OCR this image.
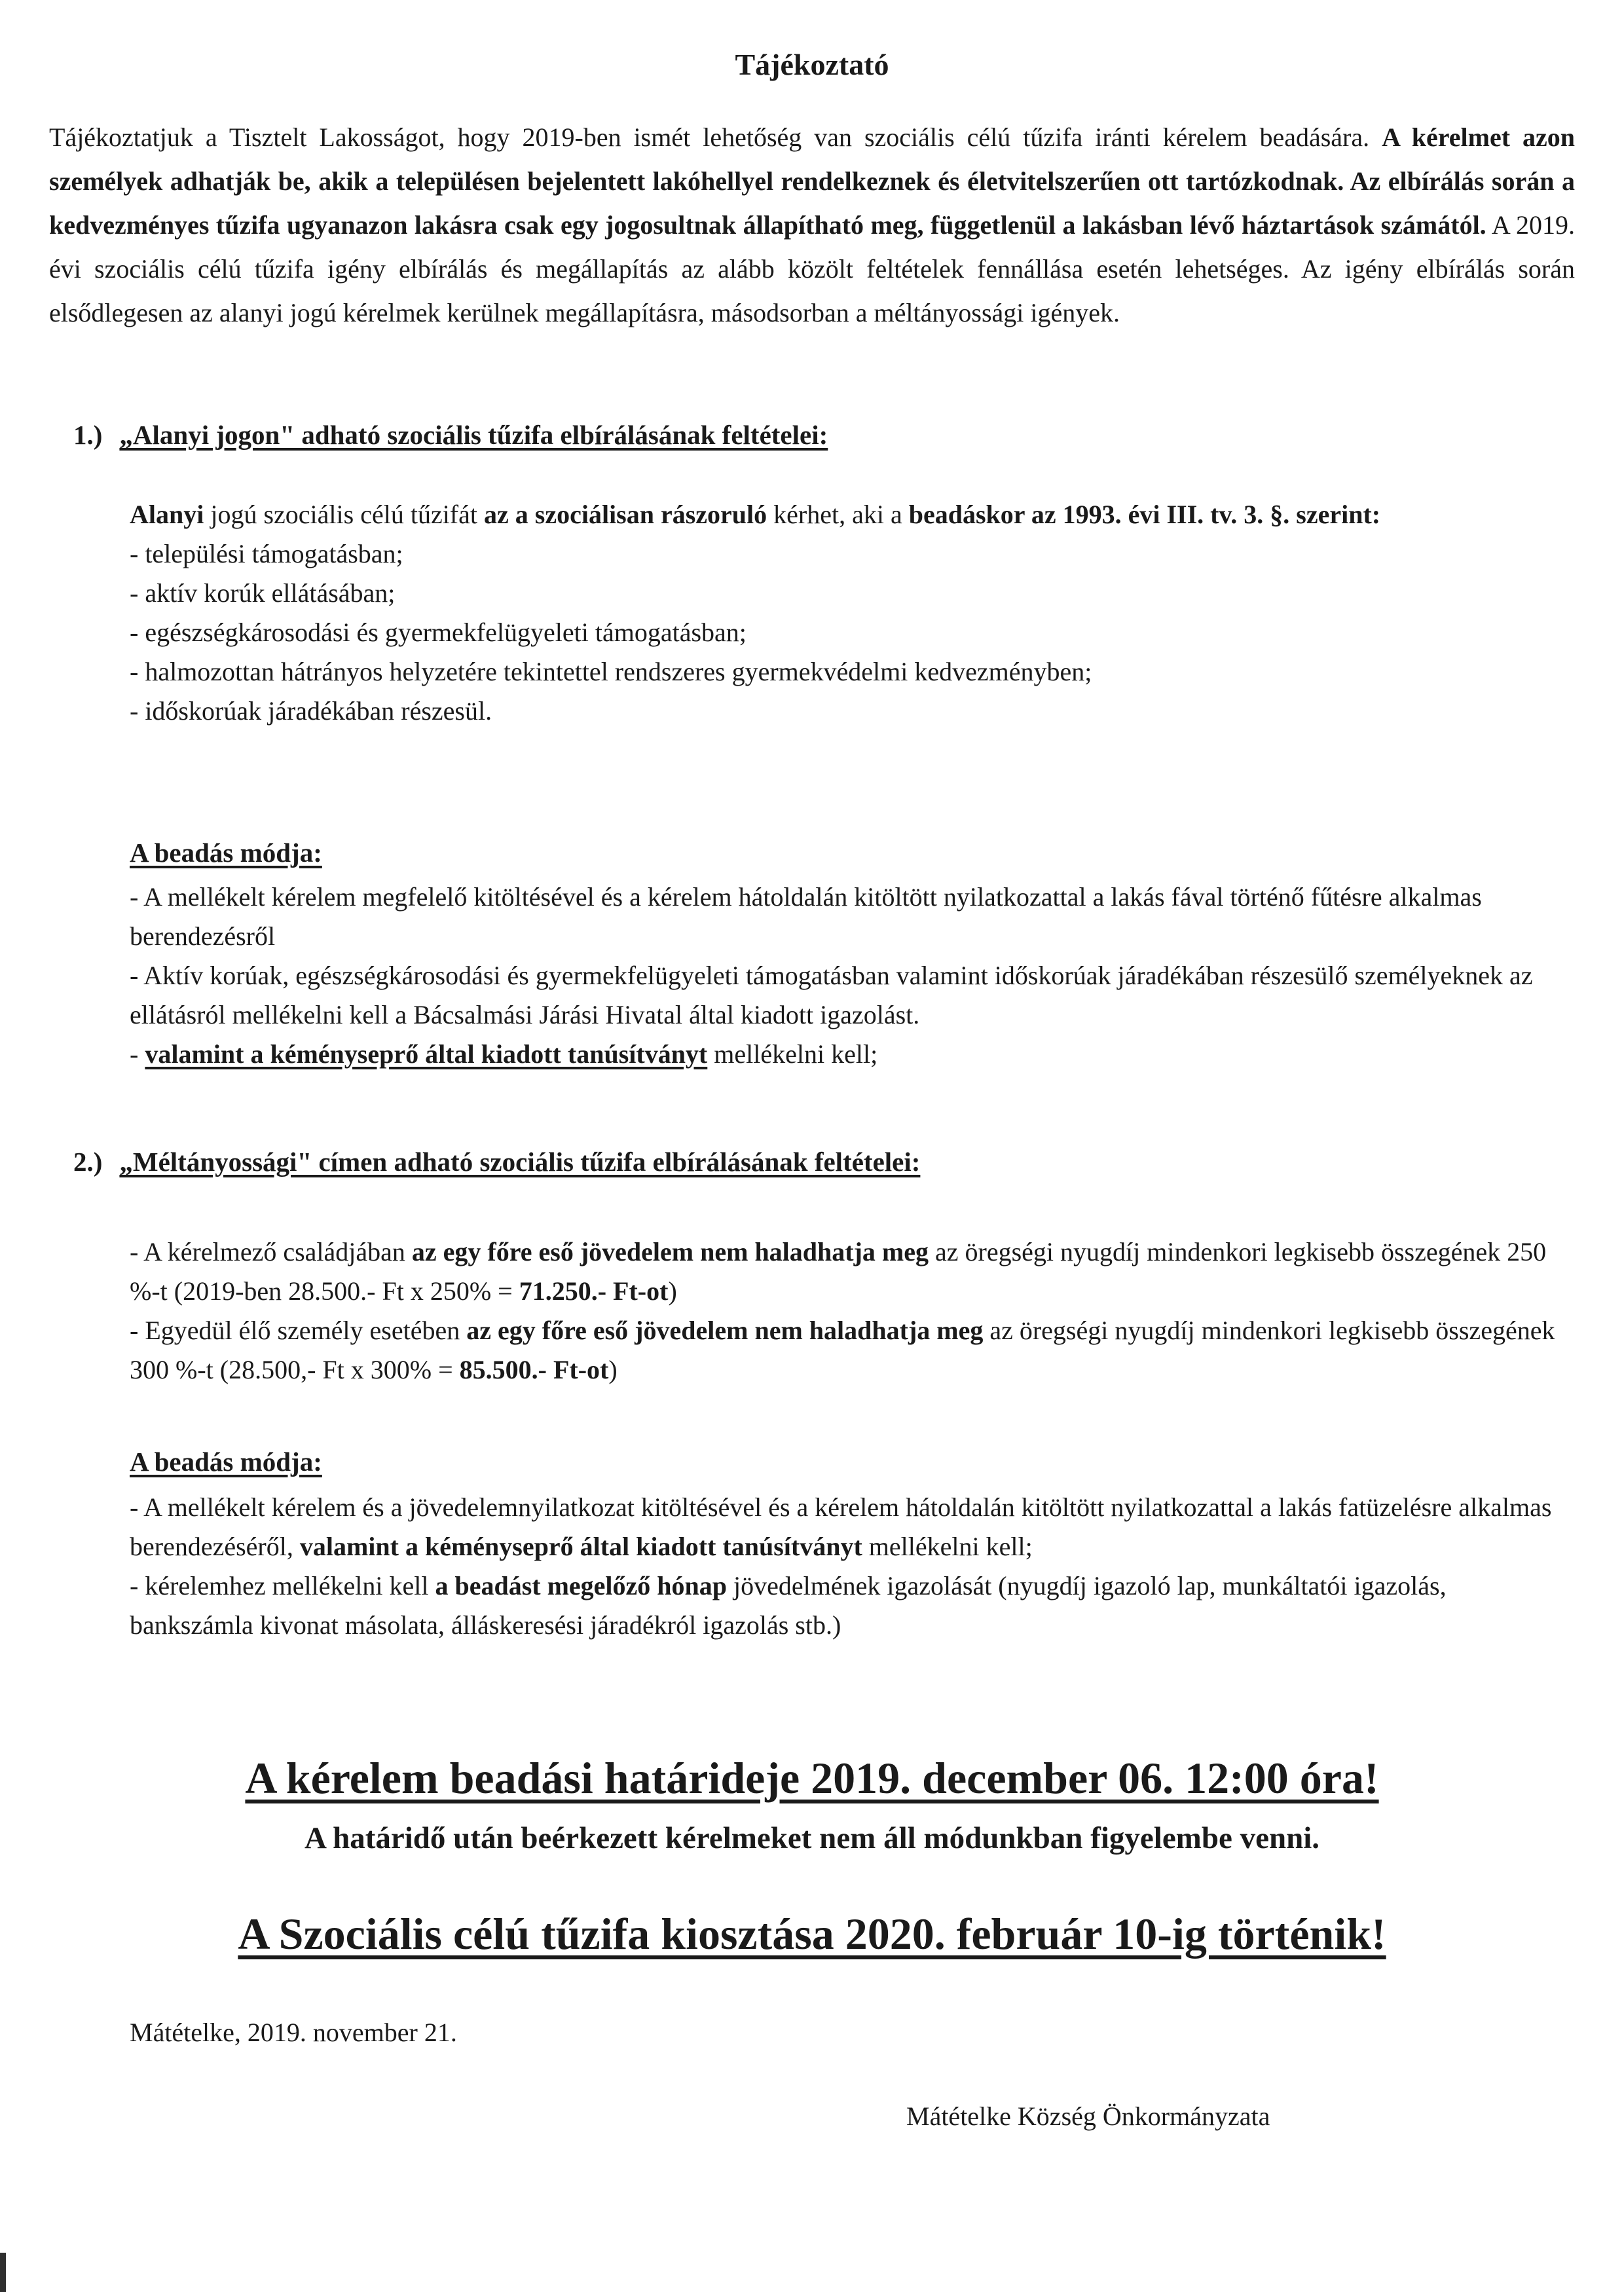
Tájékoztató

Tájékoztatjuk a Tisztelt Lakosságot, hogy 2019-ben ismét lehetőség van szociális célú tűzifa iránti kérelem beadására. A kérelmet azon személyek adhatják be, akik a településen bejelentett lakóhellyel rendelkeznek és életvitelszerűen ott tartózkodnak. Az elbírálás során a kedvezményes tűzifa ugyanazon lakásra csak egy jogosultnak állapítható meg, függetlenül a lakásban lévő háztartások számától. A 2019. évi szociális célú tűzifa igény elbírálás és megállapítás az alább közölt feltételek fennállása esetén lehetséges. Az igény elbírálás során elsődlegesen az alanyi jogú kérelmek kerülnek megállapításra, másodsorban a méltányossági igények.

1.) „Alanyi jogon" adható szociális tűzifa elbírálásának feltételei:

Alanyi jogú szociális célú tűzifát az a szociálisan rászoruló kérhet, aki a beadáskor az 1993. évi III. tv. 3. §. szerint:

- települési támogatásban;

- aktív korúk ellátásában;

- egészségkárosodási és gyermekfelügyeleti támogatásban;

- halmozottan hátrányos helyzetére tekintettel rendszeres gyermekvédelmi kedvezményben;

- időskorúak járadékában részesül.

A beadás módja:

- A mellékelt kérelem megfelelő kitöltésével és a kérelem hátoldalán kitöltött nyilatkozattal a lakás fával történő fűtésre alkalmas berendezésről

- Aktív korúak, egészségkárosodási és gyermekfelügyeleti támogatásban valamint időskorúak járadékában részesülő személyeknek az ellátásról mellékelni kell a Bácsalmási Járási Hivatal által kiadott igazolást.

- valamint a kéményseprő által kiadott tanúsítványt mellékelni kell;

2.) „Méltányossági" címen adható szociális tűzifa elbírálásának feltételei:

- A kérelmező családjában az egy főre eső jövedelem nem haladhatja meg az öregségi nyugdíj mindenkori legkisebb összegének 250 %-t (2019-ben 28.500.- Ft x 250% = 71.250.- Ft-ot)

- Egyedül élő személy esetében az egy főre eső jövedelem nem haladhatja meg az öregségi nyugdíj mindenkori legkisebb összegének 300 %-t (28.500,- Ft x 300% = 85.500.- Ft-ot)

A beadás módja:

- A mellékelt kérelem és a jövedelemnyilatkozat kitöltésével és a kérelem hátoldalán kitöltött nyilatkozattal a lakás fatüzelésre alkalmas berendezéséről, valamint a kéményseprő által kiadott tanúsítványt mellékelni kell;

- kérelemhez mellékelni kell a beadást megelőző hónap jövedelmének igazolását (nyugdíj igazoló lap, munkáltatói igazolás, bankszámla kivonat másolata, álláskeresési járadékról igazolás stb.)

A kérelem beadási határideje 2019. december 06. 12:00 óra!

A határidő után beérkezett kérelmeket nem áll módunkban figyelembe venni.

A Szociális célú tűzifa kiosztása 2020. február 10-ig történik!

Mátételke, 2019. november 21.

Mátételke Község Önkormányzata
